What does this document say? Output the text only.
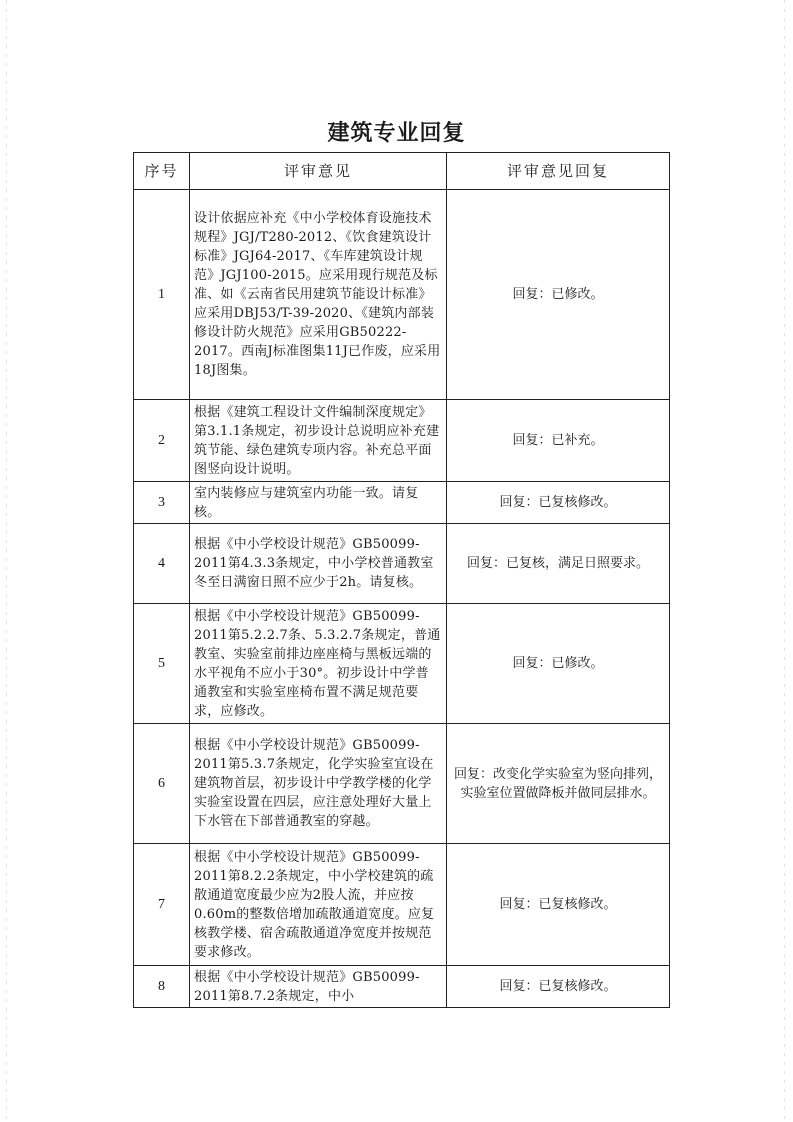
建筑专业回复
序号	评审意见	评审意见回复
1	设计依据应补充《中小学校体育设施技术规程》JGJ/T280-2012、《饮食建筑设计标准》JGJ64-2017、《车库建筑设计规范》JGJ100-2015。应采用现行规范及标准、如《云南省民用建筑节能设计标准》应采用DBJ53/T-39-2020、《建筑内部装修设计防火规范》应采用GB50222-2017。西南J标准图集11J已作废，应采用18J图集。	回复：已修改。
2	根据《建筑工程设计文件编制深度规定》第3.1.1条规定，初步设计总说明应补充建筑节能、绿色建筑专项内容。补充总平面图竖向设计说明。	回复：已补充。
3	室内装修应与建筑室内功能一致。请复核。	回复：已复核修改。
4	根据《中小学校设计规范》GB50099-2011第4.3.3条规定，中小学校普通教室冬至日满窗日照不应少于2h。请复核。	回复：已复核，满足日照要求。
5	根据《中小学校设计规范》GB50099-2011第5.2.2.7条、5.3.2.7条规定，普通教室、实验室前排边座座椅与黑板远端的水平视角不应小于30°。初步设计中学普通教室和实验室座椅布置不满足规范要求，应修改。	回复：已修改。
6	根据《中小学校设计规范》GB50099-2011第5.3.7条规定，化学实验室宜设在建筑物首层，初步设计中学教学楼的化学实验室设置在四层，应注意处理好大量上下水管在下部普通教室的穿越。	回复：改变化学实验室为竖向排列，实验室位置做降板并做同层排水。
7	根据《中小学校设计规范》GB50099-2011第8.2.2条规定，中小学校建筑的疏散通道宽度最少应为2股人流，并应按0.60m的整数倍增加疏散通道宽度。应复核教学楼、宿舍疏散通道净宽度并按规范要求修改。	回复：已复核修改。
8	根据《中小学校设计规范》GB50099-2011第8.7.2条规定，中小	回复：已复核修改。
